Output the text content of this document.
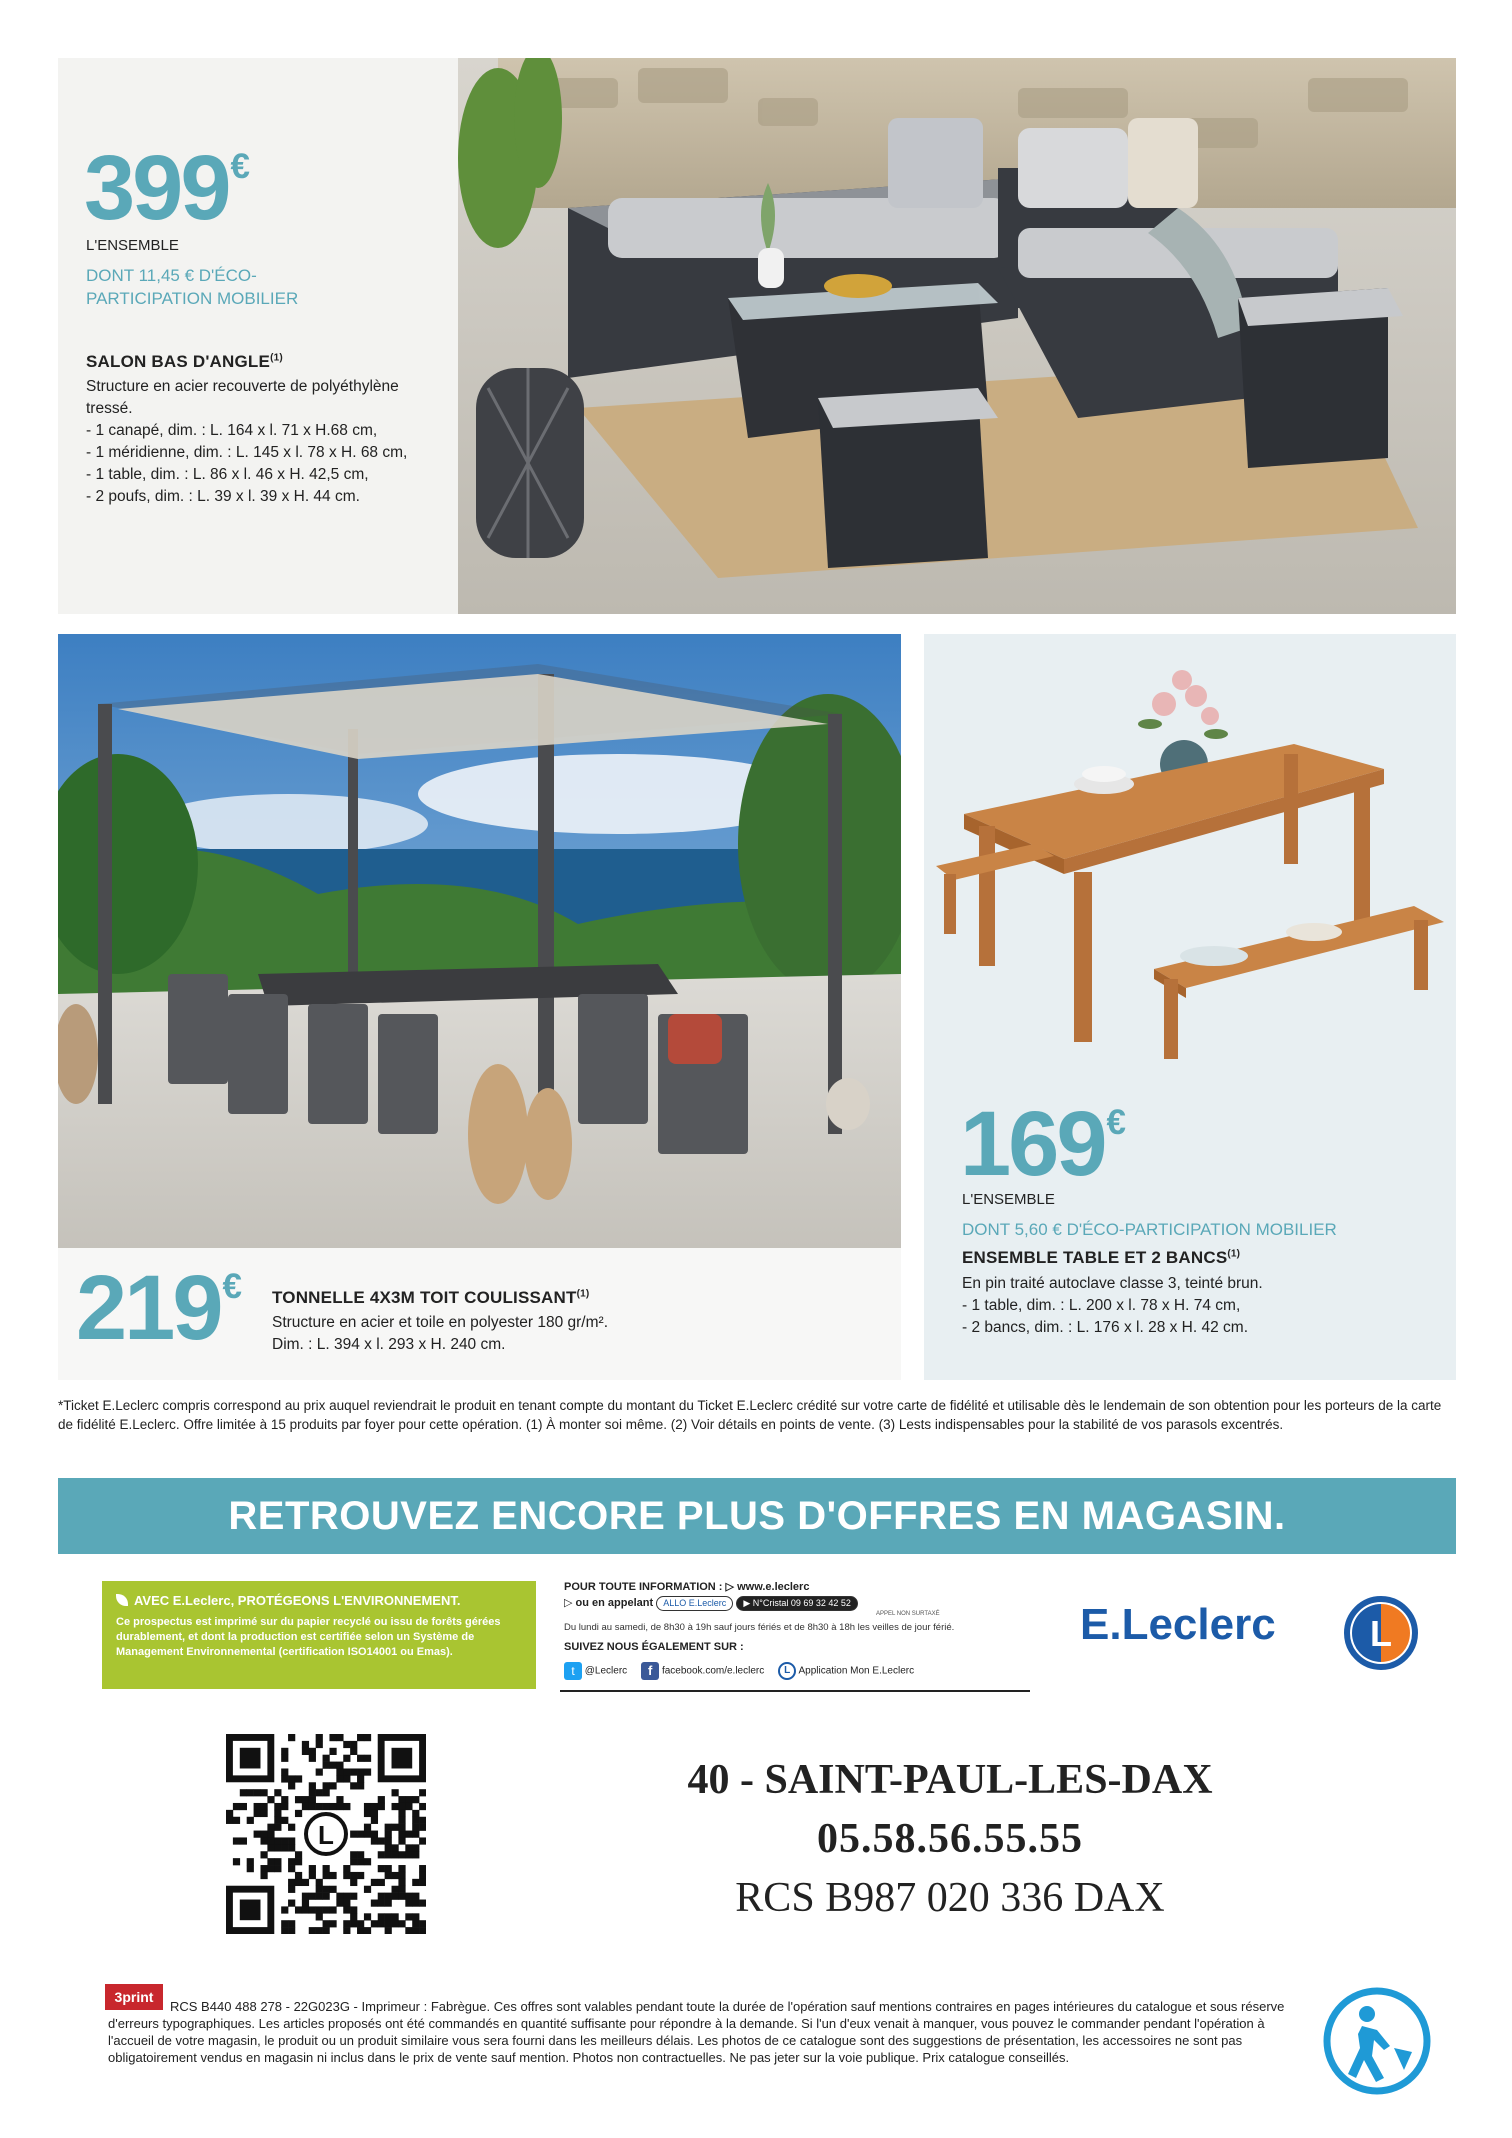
399€
L'ENSEMBLE
DONT 11,45 € D'ÉCO-
PARTICIPATION MOBILIER
SALON BAS D'ANGLE$^{(1)}$
Structure en acier recouverte de polyéthylène
tressé.
- 1 canapé, dim. : L. 164 x l. 71 x H.68 cm,
- 1 méridienne, dim. : L. 145 x l. 78 x H. 68 cm,
- 1 table, dim. : L. 86 x l. 46 x H. 42,5 cm,
- 2 poufs, dim. : L. 39 x l. 39 x H. 44 cm.
219€ TONNELLE 4X3M TOIT COULISSANT$^{(1)}$
Structure en acier et toile en polyester 180 gr/m².
Dim. : L. 394 x l. 293 x H. 240 cm.
169€
L'ENSEMBLE
DONT 5,60 € D'ÉCO-PARTICIPATION MOBILIER
ENSEMBLE TABLE ET 2 BANCS$^{(1)}$
En pin traité autoclave classe 3, teinté brun.
- 1 table, dim. : L. 200 x l. 78 x H. 74 cm,
- 2 bancs, dim. : L. 176 x l. 28 x H. 42 cm.
*Ticket E.Leclerc compris correspond au prix auquel reviendrait le produit en tenant compte du montant du Ticket E.Leclerc crédité sur votre carte de fidélité et utilisable dès le lendemain de son obtention pour les porteurs de la carte de fidélité E.Leclerc. Offre limitée à 15 produits par foyer pour cette opération. (1) À monter soi même. (2) Voir détails en points de vente. (3) Lests indispensables pour la stabilité de vos parasols excentrés.
RETROUVEZ ENCORE PLUS D'OFFRES EN MAGASIN.
AVEC E.Leclerc, PROTÉGEONS L'ENVIRONNEMENT.
Ce prospectus est imprimé sur du papier recyclé ou issu de forêts gérées durablement, et dont la production est certifiée selon un Système de Management Environnemental (certification ISO14001 ou Emas).
POUR TOUTE INFORMATION : ▷ www.e.leclerc
▷ ou en appelant ALLO E.Leclerc ▶ N°Cristal 09 69 32 42 52
APPEL NON SURTAXÉ
Du lundi au samedi, de 8h30 à 19h sauf jours fériés et de 8h30 à 18h les veilles de jour férié.
SUIVEZ NOUS ÉGALEMENT SUR :
t @Leclerc	f facebook.com/e.leclerc	L Application Mon E.Leclerc
E.Leclerc	L
L
40 - SAINT-PAUL-LES-DAX
05.58.56.55.55
RCS B987 020 336 DAX
3print
RCS B440 488 278 - 22G023G - Imprimeur : Fabrègue. Ces offres sont valables pendant toute la durée de l'opération sauf mentions contraires en pages intérieures du catalogue et sous réserve d'erreurs typographiques. Les articles proposés ont été commandés en quantité suffisante pour répondre à la demande. Si l'un d'eux venait à manquer, vous pouvez le commander pendant l'opération à l'accueil de votre magasin, le produit ou un produit similaire vous sera fourni dans les meilleurs délais. Les photos de ce catalogue sont des suggestions de présentation, les accessoires ne sont pas obligatoirement vendus en magasin ni inclus dans le prix de vente sauf mention. Photos non contractuelles. Ne pas jeter sur la voie publique. Prix catalogue conseillés.
